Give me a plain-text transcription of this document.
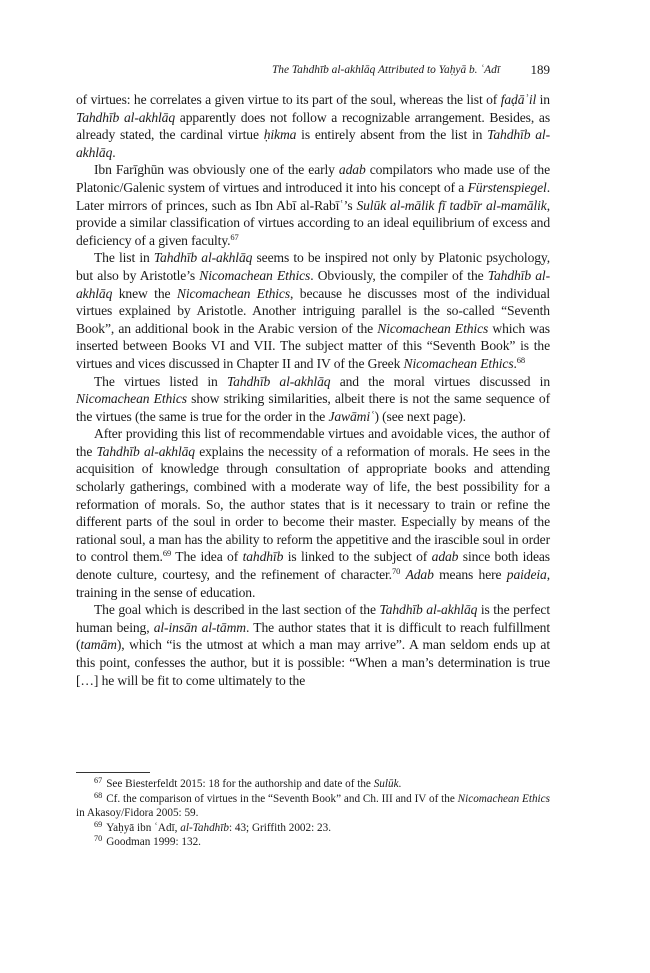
The Tahdhīb al-akhlāq Attributed to Yaḥyā b. ʿAdī 189

of virtues: he correlates a given virtue to its part of the soul, whereas the list of faḍāʾil in Tahdhīb al-akhlāq apparently does not follow a recognizable arrangement. Besides, as already stated, the cardinal virtue ḥikma is entirely absent from the list in Tahdhīb al-akhlāq.

Ibn Farīghūn was obviously one of the early adab compilators who made use of the Platonic/Galenic system of virtues and introduced it into his concept of a Fürstenspiegel. Later mirrors of princes, such as Ibn Abī al-Rabīʿ’s Sulūk al-mālik fī tadbīr al-mamālik, provide a similar classification of virtues according to an ideal equilibrium of excess and deficiency of a given faculty.$^{67}$

The list in Tahdhīb al-akhlāq seems to be inspired not only by Platonic psychology, but also by Aristotle’s Nicomachean Ethics. Obviously, the compiler of the Tahdhīb al-akhlāq knew the Nicomachean Ethics, because he discusses most of the individual virtues explained by Aristotle. Another intriguing parallel is the so-called “Seventh Book”, an additional book in the Arabic version of the Nicomachean Ethics which was inserted between Books VI and VII. The subject matter of this “Seventh Book” is the virtues and vices discussed in Chapter II and IV of the Greek Nicomachean Ethics.$^{68}$

The virtues listed in Tahdhīb al-akhlāq and the moral virtues discussed in Nicomachean Ethics show striking similarities, albeit there is not the same sequence of the virtues (the same is true for the order in the Jawāmiʿ) (see next page).

After providing this list of recommendable virtues and avoidable vices, the author of the Tahdhīb al-akhlāq explains the necessity of a reformation of morals. He sees in the acquisition of knowledge through consultation of appropriate books and attending scholarly gatherings, combined with a moderate way of life, the best possibility for a reformation of morals. So, the author states that is it necessary to train or refine the different parts of the soul in order to become their master. Especially by means of the rational soul, a man has the ability to reform the appetitive and the irascible soul in order to control them.$^{69}$ The idea of tahdhīb is linked to the subject of adab since both ideas denote culture, courtesy, and the refinement of character.$^{70}$ Adab means here paideia, training in the sense of education.

The goal which is described in the last section of the Tahdhīb al-akhlāq is the perfect human being, al-insān al-tāmm. The author states that it is difficult to reach fulfillment (tamām), which “is the utmost at which a man may arrive”. A man seldom ends up at this point, confesses the author, but it is possible: “When a man’s determination is true […] he will be fit to come ultimately to the

$^{67}$ See Biesterfeldt 2015: 18 for the authorship and date of the Sulūk.

$^{68}$ Cf. the comparison of virtues in the “Seventh Book” and Ch. III and IV of the Nicomachean Ethics in Akasoy/Fidora 2005: 59.

$^{69}$ Yaḥyā ibn ʿAdī, al-Tahdhīb: 43; Griffith 2002: 23.

$^{70}$ Goodman 1999: 132.
